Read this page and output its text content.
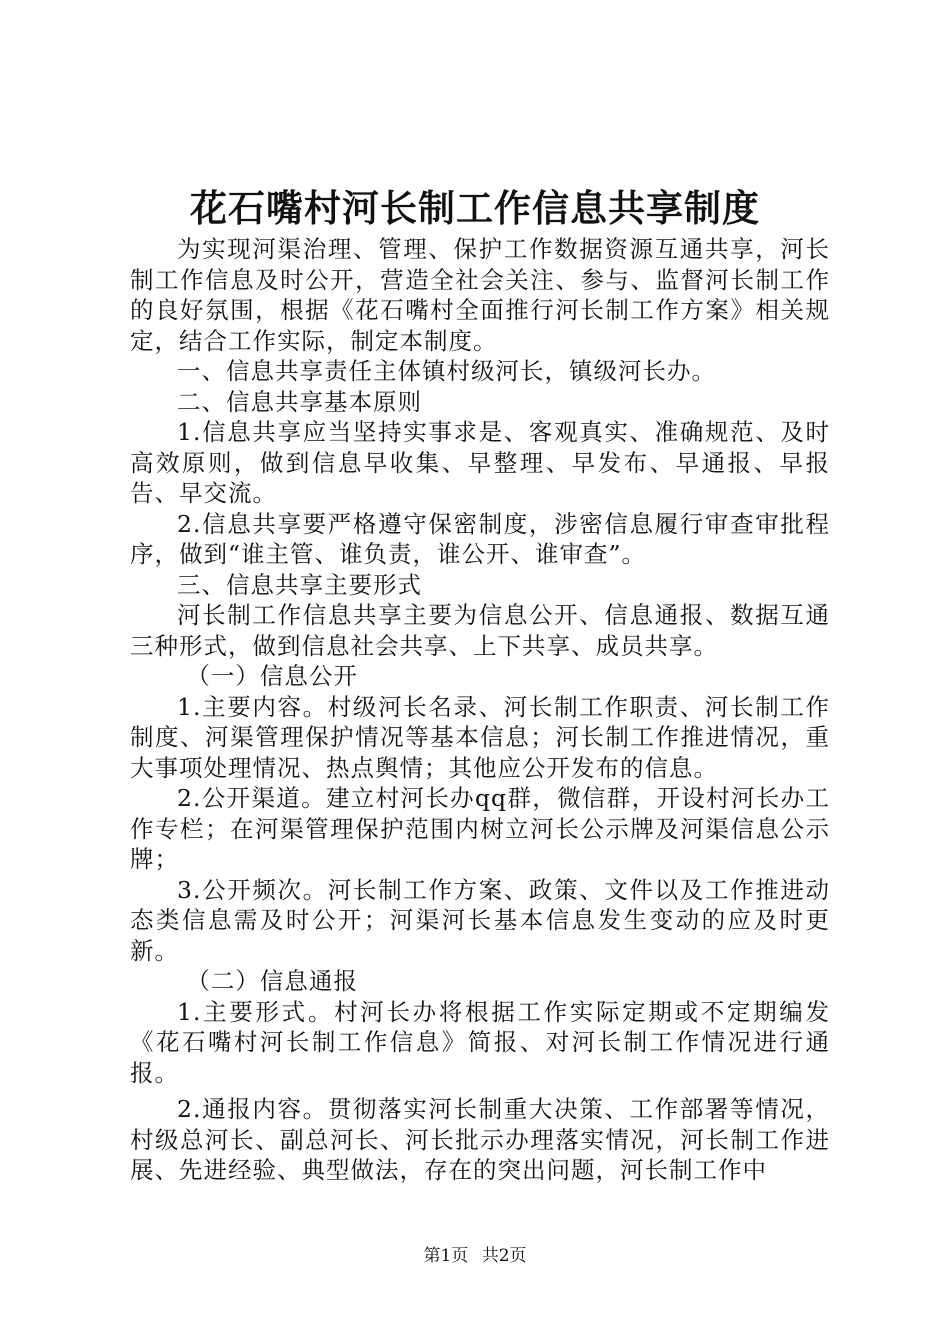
花石嘴村河长制工作信息共享制度

为实现河渠治理、管理、保护工作数据资源互通共享，河长制工作信息及时公开，营造全社会关注、参与、监督河长制工作的良好氛围，根据《花石嘴村全面推行河长制工作方案》相关规定，结合工作实际，制定本制度。

一、信息共享责任主体镇村级河长，镇级河长办。

二、信息共享基本原则

1.信息共享应当坚持实事求是、客观真实、准确规范、及时高效原则，做到信息早收集、早整理、早发布、早通报、早报告、早交流。

2.信息共享要严格遵守保密制度，涉密信息履行审查审批程序，做到“谁主管、谁负责，谁公开、谁审查”。

三、信息共享主要形式

河长制工作信息共享主要为信息公开、信息通报、数据互通三种形式，做到信息社会共享、上下共享、成员共享。

（一）信息公开

1.主要内容。村级河长名录、河长制工作职责、河长制工作制度、河渠管理保护情况等基本信息；河长制工作推进情况，重大事项处理情况、热点舆情；其他应公开发布的信息。

2.公开渠道。建立村河长办qq群，微信群，开设村河长办工作专栏；在河渠管理保护范围内树立河长公示牌及河渠信息公示牌；

3.公开频次。河长制工作方案、政策、文件以及工作推进动态类信息需及时公开；河渠河长基本信息发生变动的应及时更新。

（二）信息通报

1.主要形式。村河长办将根据工作实际定期或不定期编发《花石嘴村河长制工作信息》简报、对河长制工作情况进行通报。

2.通报内容。贯彻落实河长制重大决策、工作部署等情况，村级总河长、副总河长、河长批示办理落实情况，河长制工作进展、先进经验、典型做法，存在的突出问题，河长制工作中

第1页 共2页
